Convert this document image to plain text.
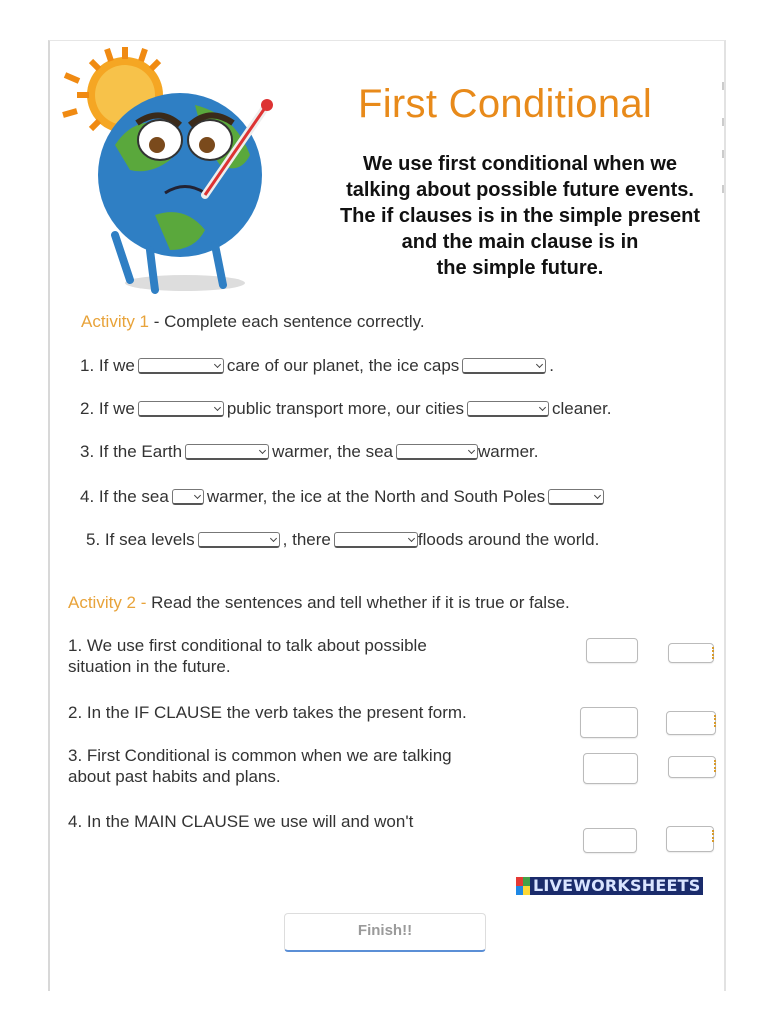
First Conditional
We use first conditional when we
talking about possible future events.
The if clauses is in the simple present
and the main clause is in
the simple future.
Activity 1 - Complete each sentence correctly.
1. If we	care of our planet, the ice caps	.
2. If we	public transport more, our cities	cleaner.
3. If the Earth	warmer, the sea	warmer.
4. If the sea warmer, the ice at the North and South Poles
5. If sea levels	, there	floods around the world.
Activity 2 - Read the sentences and tell whether if it is true or false.
1. We use first conditional to talk about possible
situation in the future.
2. In the IF CLAUSE the verb takes the present form.
3. First Conditional is common when we are talking
about past habits and plans.
4. In the MAIN CLAUSE we use will and won't
LIVEWORKSHEETS
Finish!!
